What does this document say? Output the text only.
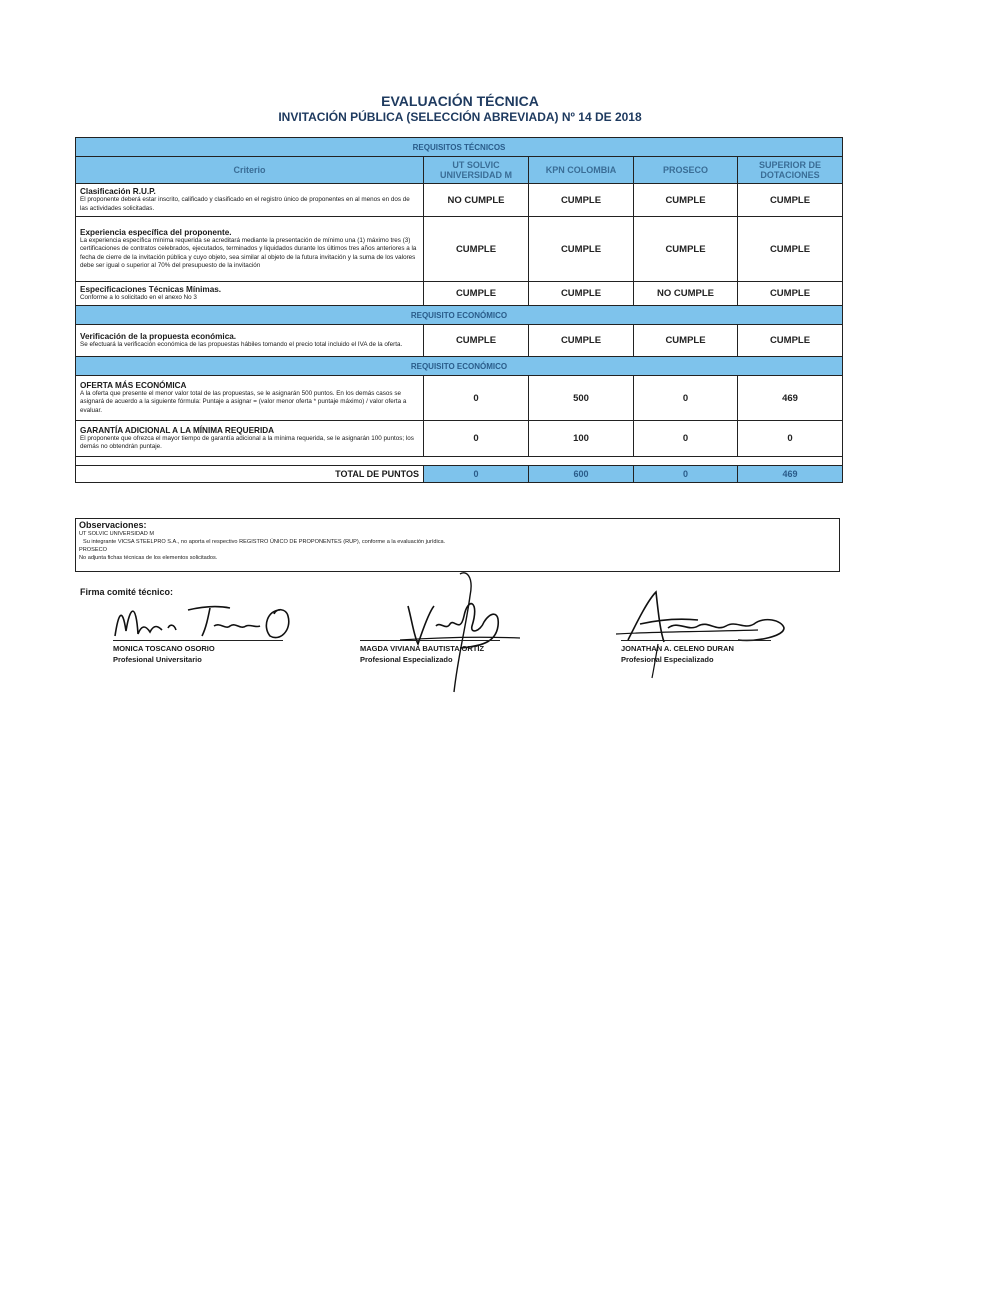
EVALUACIÓN TÉCNICA
INVITACIÓN PÚBLICA (SELECCIÓN ABREVIADA) Nº 14 DE 2018
REQUISITOS TÉCNICOS				
Criterio	UT SOLVIC UNIVERSIDAD M	KPN COLOMBIA	PROSECO	SUPERIOR DE DOTACIONES

Clasificación R.U.P.
El proponente deberá estar inscrito, calificado y clasificado en el registro único de proponentes en al menos en dos de las actividades solicitadas.	NO CUMPLE	CUMPLE	CUMPLE	CUMPLE

Experiencia específica del proponente.
La experiencia específica mínima requerida se acreditará mediante la presentación de mínimo una (1) máximo tres (3) certificaciones de contratos celebrados, ejecutados, terminados y liquidados durante los últimos tres años anteriores a la fecha de cierre de la invitación pública y cuyo objeto, sea similar al objeto de la futura invitación y la suma de los valores debe ser igual o superior al 70% del presupuesto de la invitación	CUMPLE	CUMPLE	CUMPLE	CUMPLE

Especificaciones Técnicas Mínimas.
Conforme a lo solicitado en el anexo No 3	CUMPLE	CUMPLE	NO CUMPLE	CUMPLE
REQUISITO ECONÓMICO				

Verificación de la propuesta económica.
Se efectuará la verificación económica de las propuestas hábiles tomando el precio total incluido el IVA de la oferta.	CUMPLE	CUMPLE	CUMPLE	CUMPLE
REQUISITO ECONÓMICO				

OFERTA MÁS ECONÓMICA
A la oferta que presente el menor valor total de las propuestas, se le asignarán 500 puntos. En los demás casos se asignará de acuerdo a la siguiente fórmula: Puntaje a asignar = (valor menor oferta * puntaje máximo) / valor oferta a evaluar.	0	500	0	469

GARANTÍA ADICIONAL A LA MÍNIMA REQUERIDA
El proponente que ofrezca el mayor tiempo de garantía adicional a la mínima requerida, se le asignarán 100 puntos; los demás no obtendrán puntaje.	0	100	0	0

TOTAL DE PUNTOS	0	600	0	469
Observaciones:
UT SOLVIC UNIVERSIDAD M
Su integrante VICSA STEELPRO S.A., no aporta el respectivo REGISTRO ÚNICO DE PROPONENTES (RUP), conforme a la evaluación jurídica.
PROSECO
No adjunta fichas técnicas de los elementos solicitados.
Firma comité técnico:
MONICA TOSCANO OSORIO
Profesional Universitario
MAGDA VIVIANA BAUTISTA ORTIZ
Profesional Especializado
JONATHAN A. CELENO DURAN
Profesional Especializado
